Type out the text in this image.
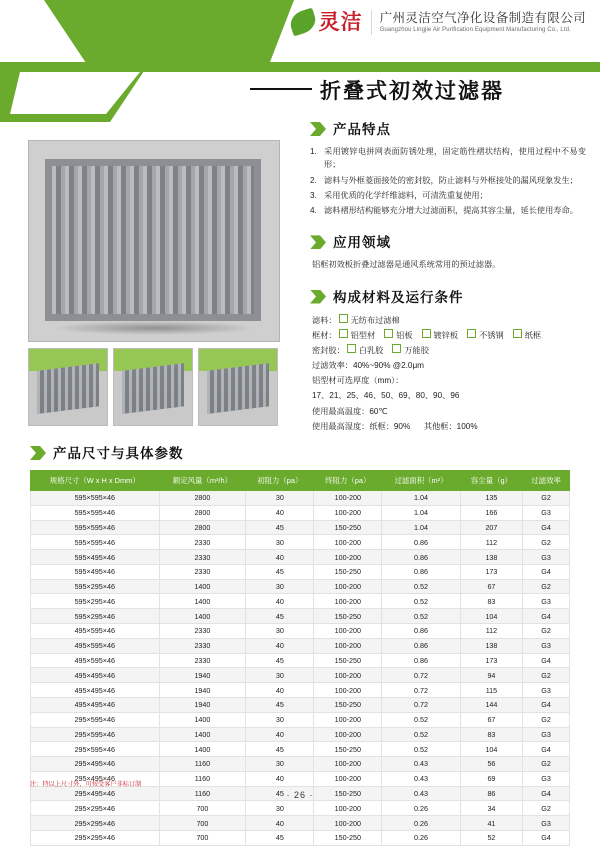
灵洁 广州灵洁空气净化设备制造有限公司
Guangzhou Lingjie Air Purification Equipment Manufacturing Co., Ltd.
折叠式初效过滤器
产品特点
1. 采用镀锌电拼网表面防锈处理，固定筋性褶状结构，使用过程中不易变形；
2. 滤料与外框菱面接处的密封胶，防止滤料与外框接处的漏风现象发生；
3. 采用优质的化学纤维滤料，可清洗重复使用；
4. 滤料褶形结构能够充分增大过滤面积，提高其容尘量，延长使用寿命。
应用领域
铝框初效板折叠过滤器是通风系统常用的预过滤器。
构成材料及运行条件
滤料： 无纺布过滤棉
框材： 铝型材	铝板	镀锌板	不锈钢	纸框
密封胶： 白乳胶	万能胶
过滤效率：40%~90% @2.0μm
铝型材可选厚度（mm）：
17、21、25、46、50、69、80、90、96
使用最高温度：60℃
使用最高湿度：纸框：90% 其他框：100%
产品尺寸与具体参数
规格尺寸（W x H x Dmm）	额定风量（m³/h）	初阻力（pa）	终阻力（pa）	过滤面积（m²）	容尘量（g）	过滤效率
595×595×46	2800	30	100-200	1.04	135	G2
595×595×46	2800	40	100-200	1.04	166	G3
595×595×46	2800	45	150-250	1.04	207	G4
595×595×46	2330	30	100-200	0.86	112	G2
595×495×46	2330	40	100-200	0.86	138	G3
595×495×46	2330	45	150-250	0.86	173	G4
595×295×46	1400	30	100-200	0.52	67	G2
595×295×46	1400	40	100-200	0.52	83	G3
595×295×46	1400	45	150-250	0.52	104	G4
495×595×46	2330	30	100-200	0.86	112	G2
495×595×46	2330	40	100-200	0.86	138	G3
495×595×46	2330	45	150-250	0.86	173	G4
495×495×46	1940	30	100-200	0.72	94	G2
495×495×46	1940	40	100-200	0.72	115	G3
495×495×46	1940	45	150-250	0.72	144	G4
295×595×46	1400	30	100-200	0.52	67	G2
295×595×46	1400	40	100-200	0.52	83	G3
295×595×46	1400	45	150-250	0.52	104	G4
295×495×46	1160	30	100-200	0.43	56	G2
295×495×46	1160	40	100-200	0.43	69	G3
295×495×46	1160	45	150-250	0.43	86	G4
295×295×46	700	30	100-200	0.26	34	G2
295×295×46	700	40	100-200	0.26	41	G3
295×295×46	700	45	150-250	0.26	52	G4
注：特以上尺寸外，可按受客户非标订制
· 26 ·
